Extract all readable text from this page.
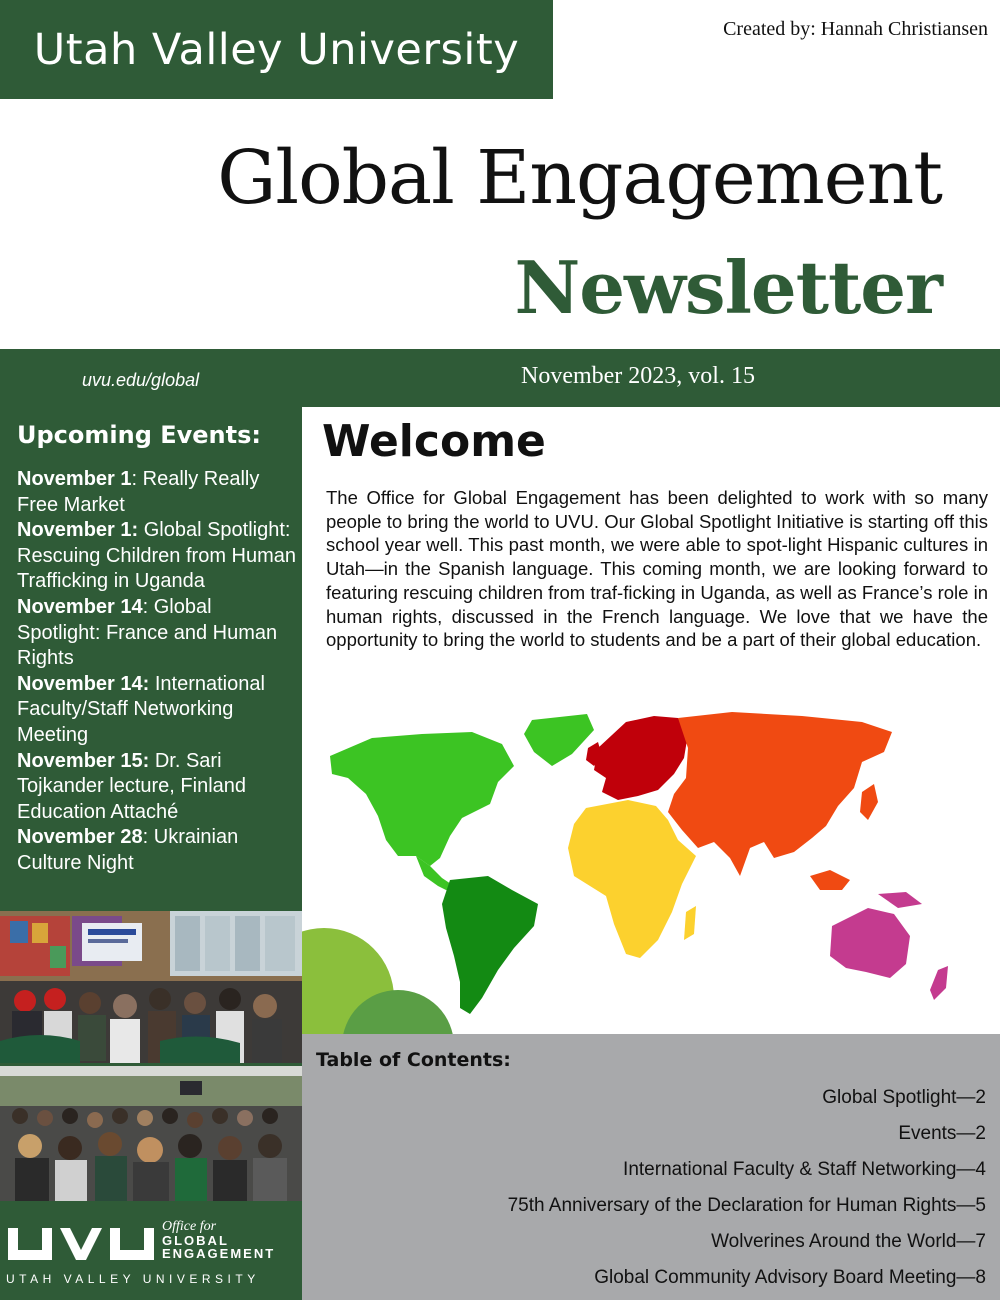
Utah Valley University	Created by: Hannah Christiansen
Global Engagement
Newsletter
uvu.edu/global	November 2023, vol. 15
Upcoming Events:
November 1: Really Really Free Market
November 1: Global Spotlight: Rescuing Children from Human Trafficking in Uganda
November 14: Global Spotlight: France and Human Rights
November 14: International Faculty/Staff Networking Meeting
November 15: Dr. Sari Tojkander lecture, Finland Education Attaché
November 28: Ukrainian Culture Night
Office for
GLOBAL
ENGAGEMENT
UTAH VALLEY UNIVERSITY
Welcome
The Office for Global Engagement has been delighted to work with so many people to bring the world to UVU. Our Global Spotlight Initiative is starting off this school year well. This past month, we were able to spot-light Hispanic cultures in Utah—in the Spanish language. This coming month, we are looking forward to featuring rescuing children from traf-ficking in Uganda, as well as France’s role in human rights, discussed in the French language. We love that we have the opportunity to bring the world to students and be a part of their global education.
Table of Contents:
Global Spotlight—2
Events—2
International Faculty & Staff Networking—4
75th Anniversary of the Declaration for Human Rights—5
Wolverines Around the World—7
Global Community Advisory Board Meeting—8
